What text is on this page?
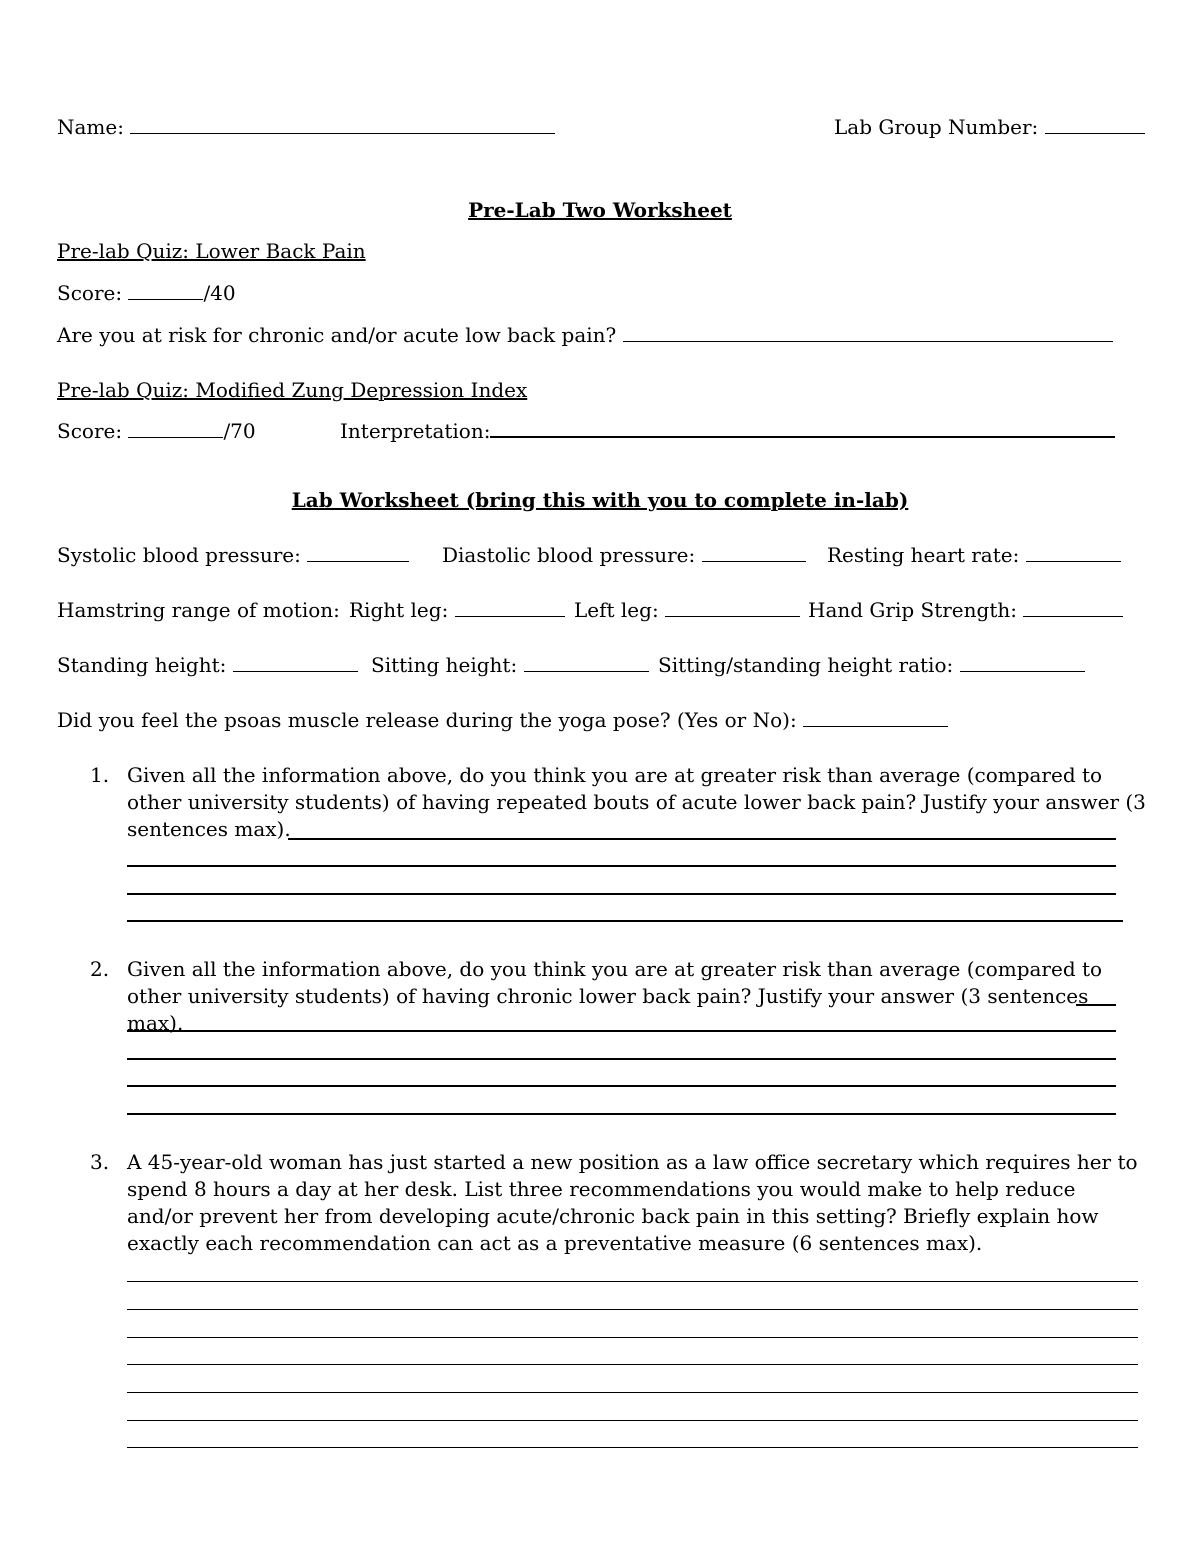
Name:	Lab Group Number:
Pre-Lab Two Worksheet
Pre-lab Quiz: Lower Back Pain
Score:	/40
Are you at risk for chronic and/or acute low back pain?
Pre-lab Quiz: Modified Zung Depression Index
Score:	/70	Interpretation:
Lab Worksheet (bring this with you to complete in-lab)
Systolic blood pressure:	Diastolic blood pressure:	Resting heart rate:
Hamstring range of motion: Right leg:	Left leg:	Hand Grip Strength:
Standing height:	Sitting height:	Sitting/standing height ratio:
Did you feel the psoas muscle release during the yoga pose? (Yes or No):
1. Given all the information above, do you think you are at greater risk than average (compared to other university students) of having repeated bouts of acute lower back pain? Justify your answer (3 sentences max).
2. Given all the information above, do you think you are at greater risk than average (compared to other university students) of having chronic lower back pain? Justify your answer (3 sentences max).
3. A 45-year-old woman has just started a new position as a law office secretary which requires her to spend 8 hours a day at her desk. List three recommendations you would make to help reduce and/or prevent her from developing acute/chronic back pain in this setting? Briefly explain how exactly each recommendation can act as a preventative measure (6 sentences max).
